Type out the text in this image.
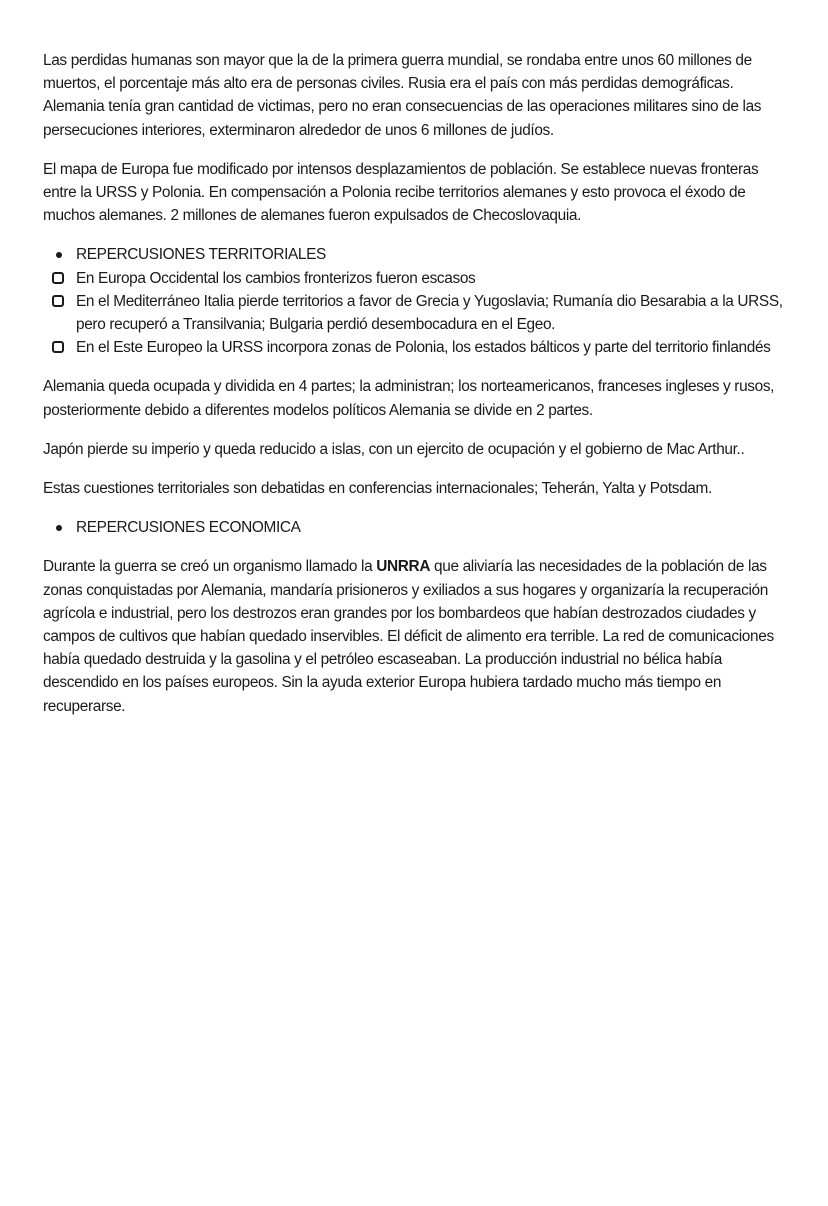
Las perdidas humanas son mayor que la de la primera guerra mundial, se rondaba entre unos 60 millones de muertos, el porcentaje más alto era de personas civiles. Rusia era el país con más perdidas demográficas. Alemania tenía gran cantidad de victimas, pero no eran consecuencias de las operaciones militares sino de las persecuciones interiores, exterminaron alrededor de unos 6 millones de judíos.

El mapa de Europa fue modificado por intensos desplazamientos de población. Se establece nuevas fronteras entre la URSS y Polonia. En compensación a Polonia recibe territorios alemanes y esto provoca el éxodo de muchos alemanes. 2 millones de alemanes fueron expulsados de Checoslovaquia.

REPERCUSIONES TERRITORIALES
En Europa Occidental los cambios fronterizos fueron escasos
En el Mediterráneo Italia pierde territorios a favor de Grecia y Yugoslavia; Rumanía dio Besarabia a la URSS, pero recuperó a Transilvania; Bulgaria perdió desembocadura en el Egeo.
En el Este Europeo la URSS incorpora zonas de Polonia, los estados bálticos y parte del territorio finlandés

Alemania queda ocupada y dividida en 4 partes; la administran; los norteamericanos, franceses ingleses y rusos, posteriormente debido a diferentes modelos políticos Alemania se divide en 2 partes.

Japón pierde su imperio y queda reducido a islas, con un ejercito de ocupación y el gobierno de Mac Arthur..

Estas cuestiones territoriales son debatidas en conferencias internacionales; Teherán, Yalta y Potsdam.

REPERCUSIONES ECONOMICA

Durante la guerra se creó un organismo llamado la UNRRA que aliviaría las necesidades de la población de las zonas conquistadas por Alemania, mandaría prisioneros y exiliados a sus hogares y organizaría la recuperación agrícola e industrial, pero los destrozos eran grandes por los bombardeos que habían destrozados ciudades y campos de cultivos que habían quedado inservibles. El déficit de alimento era terrible. La red de comunicaciones había quedado destruida y la gasolina y el petróleo escaseaban. La producción industrial no bélica había descendido en los países europeos. Sin la ayuda exterior Europa hubiera tardado mucho más tiempo en recuperarse.
